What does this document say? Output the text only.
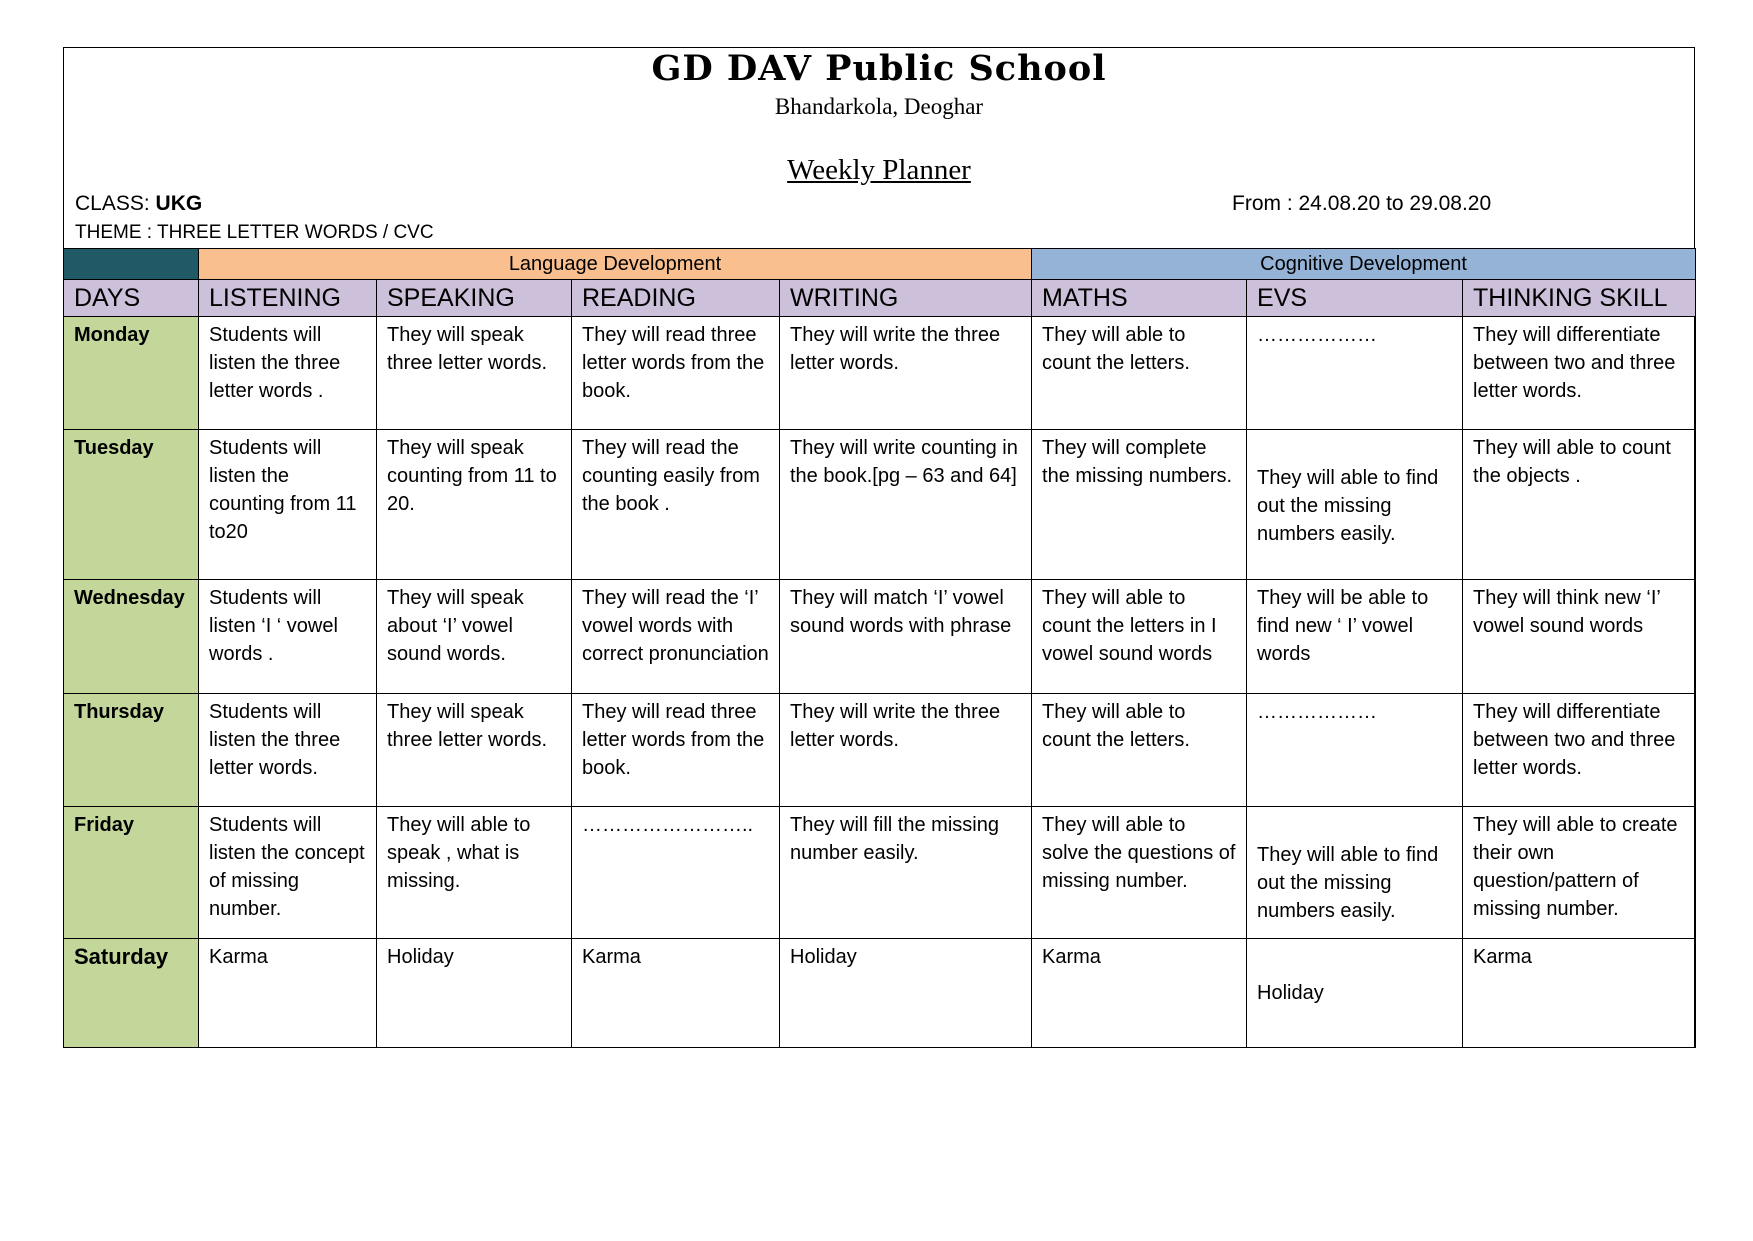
GD DAV Public School
Bhandarkola, Deoghar
Weekly Planner
CLASS: UKG	From : 24.08.20 to 29.08.20
THEME : THREE LETTER WORDS / CVC
	Language Development				Cognitive Development		
DAYS	LISTENING	SPEAKING	READING	WRITING	MATHS	EVS	THINKING SKILL
Monday	Students will listen the three letter words .	They will speak three letter words.	They will read three letter words from the book.	They will write the three letter words.	They will able to count the letters.	………………	They will differentiate between two and three letter words.
Tuesday	Students will listen the counting from 11 to20	They will speak counting from 11 to 20.	They will read the counting easily from the book .	They will write counting in the book.[pg – 63 and 64]	They will complete the missing numbers.	They will able to find out the missing numbers easily.	They will able to count the objects .
Wednesday	Students will listen ‘I ‘ vowel words .	They will speak about ‘I’ vowel sound words.	They will read the ‘I’ vowel words with correct pronunciation	They will match ‘I’ vowel sound words with phrase	They will able to count the letters in I vowel sound words	They will be able to find new ‘ I’ vowel words	They will think new ‘I’ vowel sound words
Thursday	Students will listen the three letter words.	They will speak three letter words.	They will read three letter words from the book.	They will write the three letter words.	They will able to count the letters.	………………	They will differentiate between two and three letter words.
Friday	Students will listen the concept of missing number.	They will able to speak , what is missing.	……………………..	They will fill the missing number easily.	They will able to solve the questions of missing number.	They will able to find out the missing numbers easily.	They will able to create their own question/pattern of missing number.
Saturday	Karma	Holiday	Karma	Holiday	Karma	Holiday	Karma
